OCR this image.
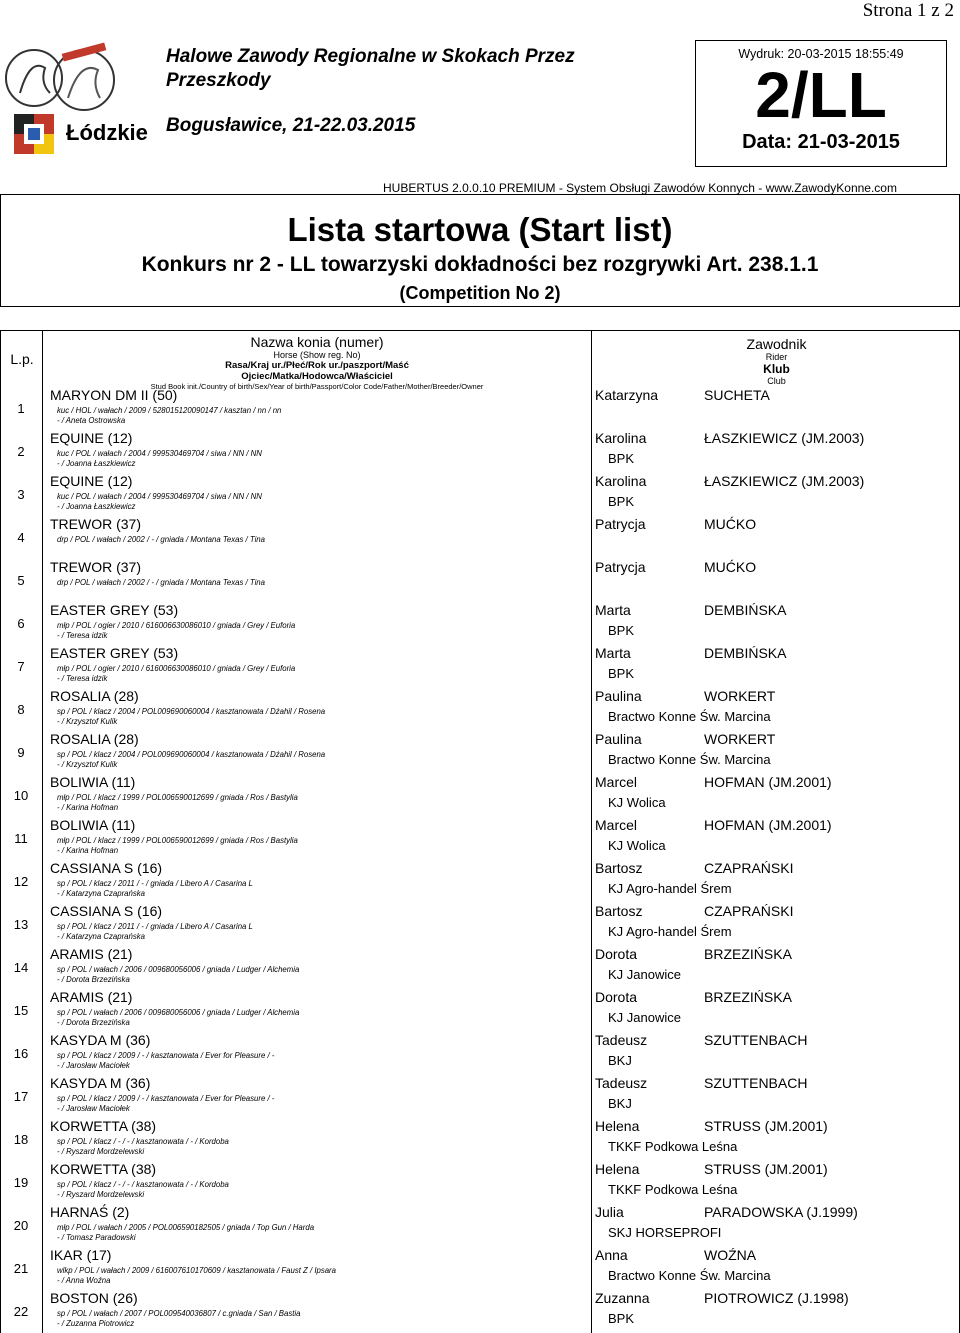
Strona 1 z 2
Łódzkie
Halowe Zawody Regionalne w Skokach Przez Przeszkody
Bogusławice, 21-22.03.2015
Wydruk: 20-03-2015 18:55:49
2/LL
Data: 21-03-2015
HUBERTUS 2.0.0.10 PREMIUM - System Obsługi Zawodów Konnych - www.ZawodyKonne.com
Lista startowa (Start list)
Konkurs nr 2 - LL towarzyski dokładności bez rozgrywki Art. 238.1.1
(Competition No 2)
L.p.
Nazwa konia (numer)
Horse (Show reg. No)
Rasa/Kraj ur./Płeć/Rok ur./paszport/Maść
Ojciec/Matka/Hodowca/Właściciel
Stud Book init./Country of birth/Sex/Year of birth/Passport/Color Code/Father/Mother/Breeder/Owner
Zawodnik
Rider
Klub
Club
1
MARYON DM II (50)
kuc / HOL / wałach / 2009 / 528015120090147 / kasztan / nn / nn
- / Aneta Ostrowska
Katarzyna	SUCHETA
2
EQUINE (12)
kuc / POL / wałach / 2004 / 999530469704 / siwa / NN / NN
- / Joanna Łaszkiewicz
Karolina	ŁASZKIEWICZ (JM.2003)
BPK
3
EQUINE (12)
kuc / POL / wałach / 2004 / 999530469704 / siwa / NN / NN
- / Joanna Łaszkiewicz
Karolina	ŁASZKIEWICZ (JM.2003)
BPK
4
TREWOR (37)
drp / POL / wałach / 2002 / - / gniada / Montana Texas / Tina
Patrycja	MUĆKO
5
TREWOR (37)
drp / POL / wałach / 2002 / - / gniada / Montana Texas / Tina
Patrycja	MUĆKO
6
EASTER GREY (53)
młp / POL / ogier / 2010 / 616006630086010 / gniada / Grey / Euforia
- / Teresa idzik
Marta	DEMBIŃSKA
BPK
7
EASTER GREY (53)
młp / POL / ogier / 2010 / 616006630086010 / gniada / Grey / Euforia
- / Teresa idzik
Marta	DEMBIŃSKA
BPK
8
ROSALIA (28)
sp / POL / klacz / 2004 / POL009690060004 / kasztanowata / Dżahil / Rosena
- / Krzysztof Kulik
Paulina	WORKERT
Bractwo Konne Św. Marcina
9
ROSALIA (28)
sp / POL / klacz / 2004 / POL009690060004 / kasztanowata / Dżahil / Rosena
- / Krzysztof Kulik
Paulina	WORKERT
Bractwo Konne Św. Marcina
10
BOLIWIA (11)
młp / POL / klacz / 1999 / POL006590012699 / gniada / Ros / Bastylia
- / Karina Hofman
Marcel	HOFMAN (JM.2001)
KJ Wolica
11
BOLIWIA (11)
młp / POL / klacz / 1999 / POL006590012699 / gniada / Ros / Bastylia
- / Karina Hofman
Marcel	HOFMAN (JM.2001)
KJ Wolica
12
CASSIANA S (16)
sp / POL / klacz / 2011 / - / gniada / Libero A / Casarina L
- / Katarzyna Czaprańska
Bartosz	CZAPRAŃSKI
KJ Agro-handel Śrem
13
CASSIANA S (16)
sp / POL / klacz / 2011 / - / gniada / Libero A / Casarina L
- / Katarzyna Czaprańska
Bartosz	CZAPRAŃSKI
KJ Agro-handel Śrem
14
ARAMIS (21)
sp / POL / wałach / 2006 / 009680056006 / gniada / Ludger / Alchemia
- / Dorota Brzezińska
Dorota	BRZEZIŃSKA
KJ Janowice
15
ARAMIS (21)
sp / POL / wałach / 2006 / 009680056006 / gniada / Ludger / Alchemia
- / Dorota Brzezińska
Dorota	BRZEZIŃSKA
KJ Janowice
16
KASYDA M (36)
sp / POL / klacz / 2009 / - / kasztanowata / Ever for Pleasure / -
- / Jarosław Maciołek
Tadeusz	SZUTTENBACH
BKJ
17
KASYDA M (36)
sp / POL / klacz / 2009 / - / kasztanowata / Ever for Pleasure / -
- / Jarosław Maciołek
Tadeusz	SZUTTENBACH
BKJ
18
KORWETTA (38)
sp / POL / klacz / - / - / kasztanowata / - / Kordoba
- / Ryszard Mordzelewski
Helena	STRUSS (JM.2001)
TKKF Podkowa Leśna
19
KORWETTA (38)
sp / POL / klacz / - / - / kasztanowata / - / Kordoba
- / Ryszard Mordzelewski
Helena	STRUSS (JM.2001)
TKKF Podkowa Leśna
20
HARNAŚ (2)
młp / POL / wałach / 2005 / POL006590182505 / gniada / Top Gun / Harda
- / Tomasz Paradowski
Julia	PARADOWSKA (J.1999)
SKJ HORSEPROFI
21
IKAR (17)
wlkp / POL / wałach / 2009 / 616007610170609 / kasztanowata / Faust Z / Ipsara
- / Anna Woźna
Anna	WOŹNA
Bractwo Konne Św. Marcina
22
BOSTON (26)
sp / POL / wałach / 2007 / POL009540036807 / c.gniada / San / Bastia
- / Zuzanna Piotrowicz
Zuzanna	PIOTROWICZ (J.1998)
BPK
